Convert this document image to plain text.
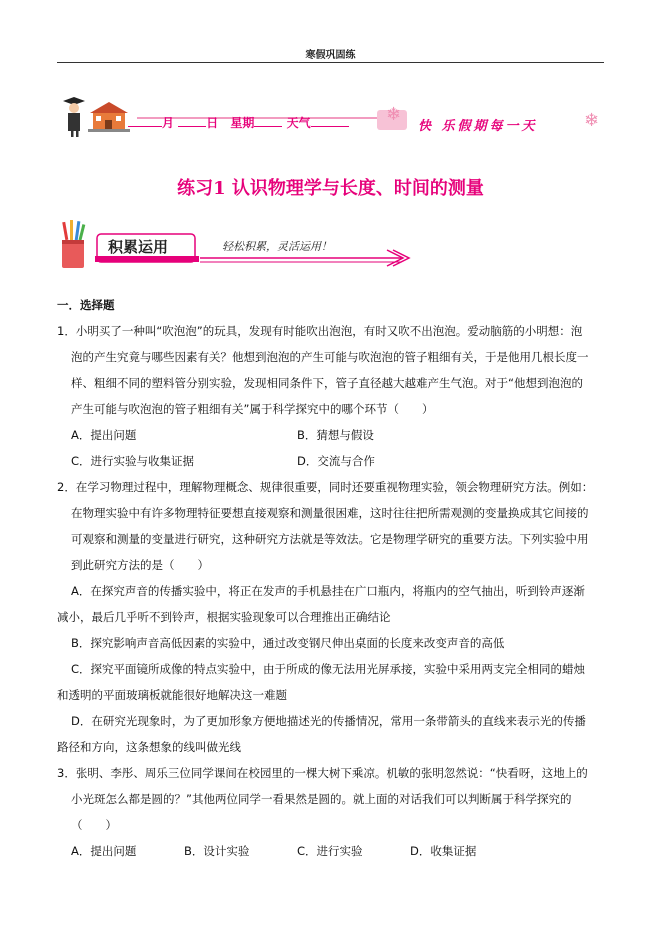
寒假巩固练
月	日 星期	天气	❄
快 乐假期每一天	❄
练习1 认识物理学与长度、时间的测量
积累运用	轻松积累，灵活运用！
一．选择题
1．小明买了一种叫“吹泡泡”的玩具，发现有时能吹出泡泡，有时又吹不出泡泡。爱动脑筋的小明想：泡
泡的产生究竟与哪些因素有关？他想到泡泡的产生可能与吹泡泡的管子粗细有关，于是他用几根长度一
样、粗细不同的塑料管分别实验，发现相同条件下，管子直径越大越难产生气泡。对于“他想到泡泡的
产生可能与吹泡泡的管子粗细有关”属于科学探究中的哪个环节（　　）
A．提出问题	B．猜想与假设
C．进行实验与收集证据	D．交流与合作
2．在学习物理过程中，理解物理概念、规律很重要，同时还要重视物理实验，领会物理研究方法。例如：
在物理实验中有许多物理特征要想直接观察和测量很困难，这时往往把所需观测的变量换成其它间接的
可观察和测量的变量进行研究，这种研究方法就是等效法。它是物理学研究的重要方法。下列实验中用
到此研究方法的是（　　）
A．在探究声音的传播实验中，将正在发声的手机悬挂在广口瓶内，将瓶内的空气抽出，听到铃声逐渐
减小，最后几乎听不到铃声，根据实验现象可以合理推出正确结论
B．探究影响声音高低因素的实验中，通过改变钢尺伸出桌面的长度来改变声音的高低
C．探究平面镜所成像的特点实验中，由于所成的像无法用光屏承接，实验中采用两支完全相同的蜡烛
和透明的平面玻璃板就能很好地解决这一难题
D．在研究光现象时，为了更加形象方便地描述光的传播情况，常用一条带箭头的直线来表示光的传播
路径和方向，这条想象的线叫做光线
3．张明、李彤、周乐三位同学课间在校园里的一棵大树下乘凉。机敏的张明忽然说：“快看呀，这地上的
小光斑怎么都是圆的？”其他两位同学一看果然是圆的。就上面的对话我们可以判断属于科学探究的
（　　）
A．提出问题	B．设计实验	C．进行实验	D．收集证据
